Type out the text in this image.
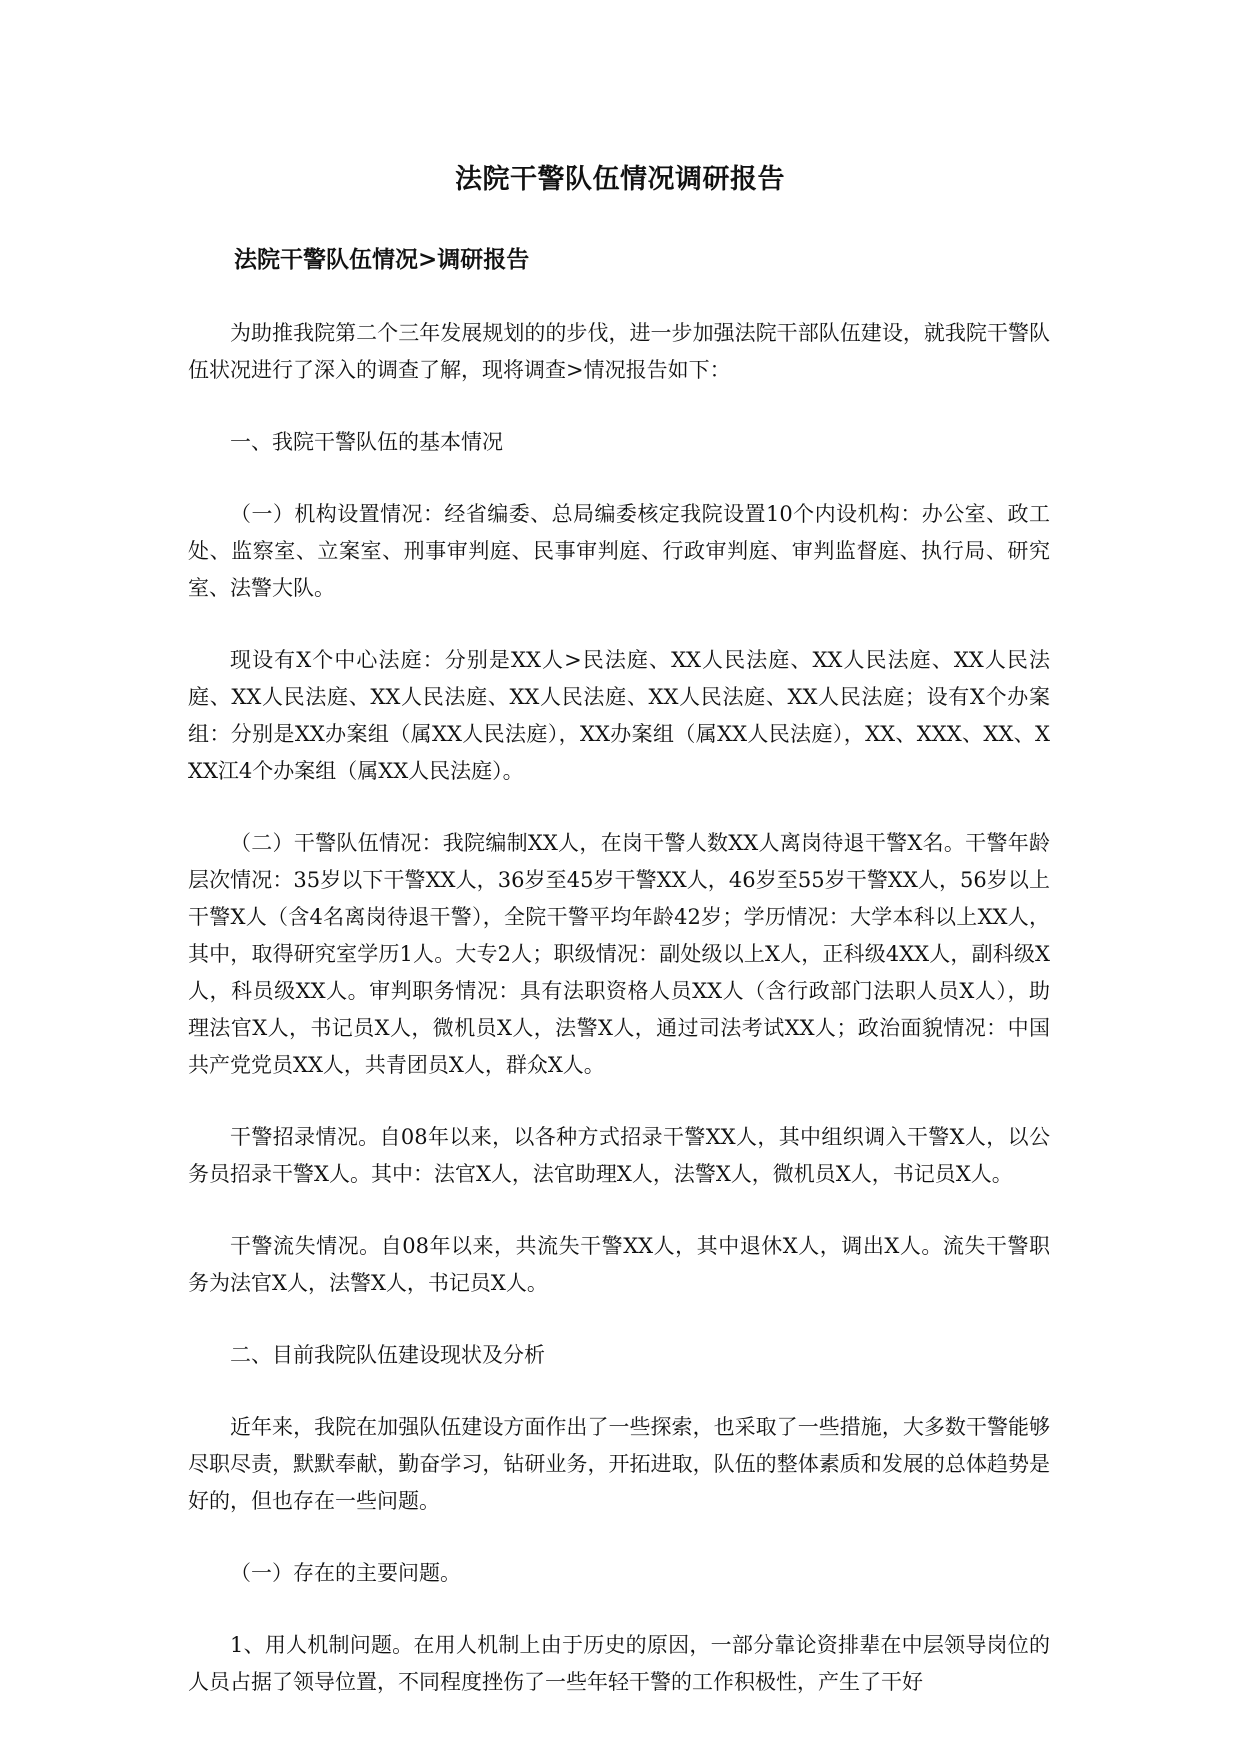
法院干警队伍情况调研报告

法院干警队伍情况>调研报告

为助推我院第二个三年发展规划的的步伐，进一步加强法院干部队伍建设，就我院干警队伍状况进行了深入的调查了解，现将调查>情况报告如下：

一、我院干警队伍的基本情况

（一）机构设置情况：经省编委、总局编委核定我院设置10个内设机构：办公室、政工处、监察室、立案室、刑事审判庭、民事审判庭、行政审判庭、审判监督庭、执行局、研究室、法警大队。

现设有X个中心法庭：分别是XX人>民法庭、XX人民法庭、XX人民法庭、XX人民法庭、XX人民法庭、XX人民法庭、XX人民法庭、XX人民法庭、XX人民法庭；设有X个办案组：分别是XX办案组（属XX人民法庭），XX办案组（属XX人民法庭），XX、XXX、XX、XXX江4个办案组（属XX人民法庭）。

（二）干警队伍情况：我院编制XX人，在岗干警人数XX人离岗待退干警X名。干警年龄层次情况：35岁以下干警XX人，36岁至45岁干警XX人，46岁至55岁干警XX人，56岁以上干警X人（含4名离岗待退干警），全院干警平均年龄42岁；学历情况：大学本科以上XX人，其中，取得研究室学历1人。大专2人；职级情况：副处级以上X人，正科级4XX人，副科级X人，科员级XX人。审判职务情况：具有法职资格人员XX人（含行政部门法职人员X人），助理法官X人，书记员X人，微机员X人，法警X人，通过司法考试XX人；政治面貌情况：中国共产党党员XX人，共青团员X人，群众X人。

干警招录情况。自08年以来，以各种方式招录干警XX人，其中组织调入干警X人，以公务员招录干警X人。其中：法官X人，法官助理X人，法警X人，微机员X人，书记员X人。

干警流失情况。自08年以来，共流失干警XX人，其中退休X人，调出X人。流失干警职务为法官X人，法警X人，书记员X人。

二、目前我院队伍建设现状及分析

近年来，我院在加强队伍建设方面作出了一些探索，也采取了一些措施，大多数干警能够尽职尽责，默默奉献，勤奋学习，钻研业务，开拓进取，队伍的整体素质和发展的总体趋势是好的，但也存在一些问题。

（一）存在的主要问题。

1、用人机制问题。在用人机制上由于历史的原因，一部分靠论资排辈在中层领导岗位的人员占据了领导位置，不同程度挫伤了一些年轻干警的工作积极性，产生了干好
